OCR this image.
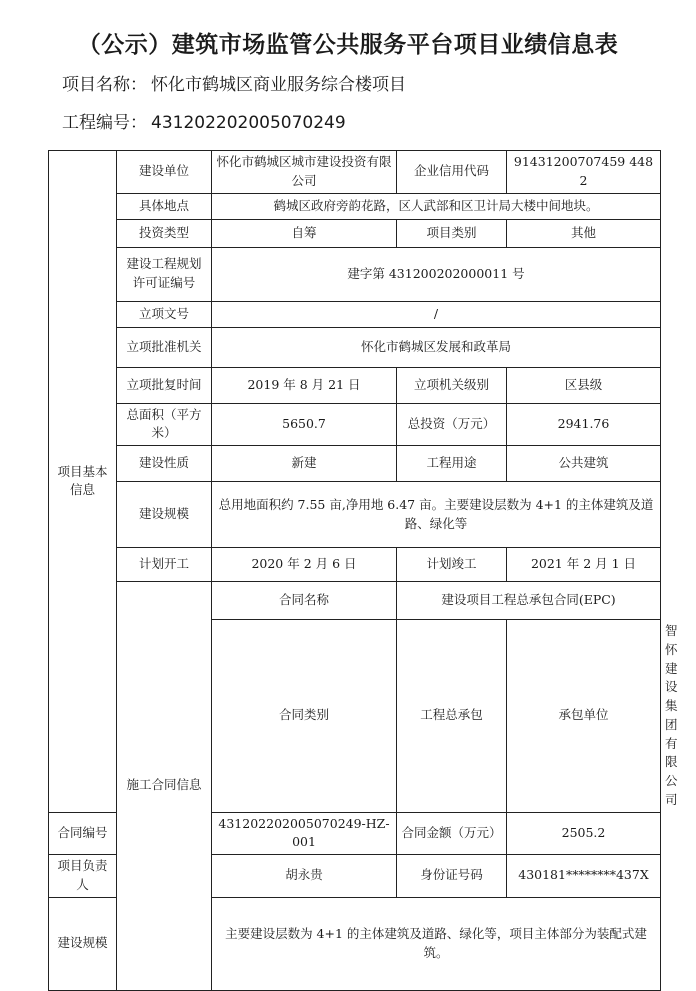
（公示）建筑市场监管公共服务平台项目业绩信息表
项目名称： 怀化市鹤城区商业服务综合楼项目
工程编号： 431202202005070249
项目基本信息	建设单位	怀化市鹤城区城市建设投资有限公司	企业信用代码	91431200707459 4482	
	具体地点	鹤城区政府旁韵花路，区人武部和区卫计局大楼中间地块。			
	投资类型	自筹	项目类别	其他	
	建设工程规划许可证编号	建字第 431200202000011 号			
	立项文号	/			
	立项批准机关	怀化市鹤城区发展和政革局			
	立项批复时间	2019 年 8 月 21 日	立项机关级别	区县级	
	总面积（平方米）	5650.7	总投资（万元）	2941.76	
	建设性质	新建	工程用途	公共建筑	
	建设规模	总用地面积约 7.55 亩,净用地 6.47 亩。主要建设层数为 4+1 的主体建筑及道路、绿化等			
	计划开工	2020 年 2 月 6 日	计划竣工	2021 年 2 月 1 日	
	施工合同信息	合同名称	建设项目工程总承包合同(EPC)		
		合同类别	工程总承包	承包单位	智怀建设集团有限公司
合同编号		431202202005070249-HZ-001	合同金额（万元）	2505.2	
项目负责人		胡永贵	身份证号码	430181********437X	
建设规模		主要建设层数为 4+1 的主体建筑及道路、绿化等，项目主体部分为装配式建筑。			
